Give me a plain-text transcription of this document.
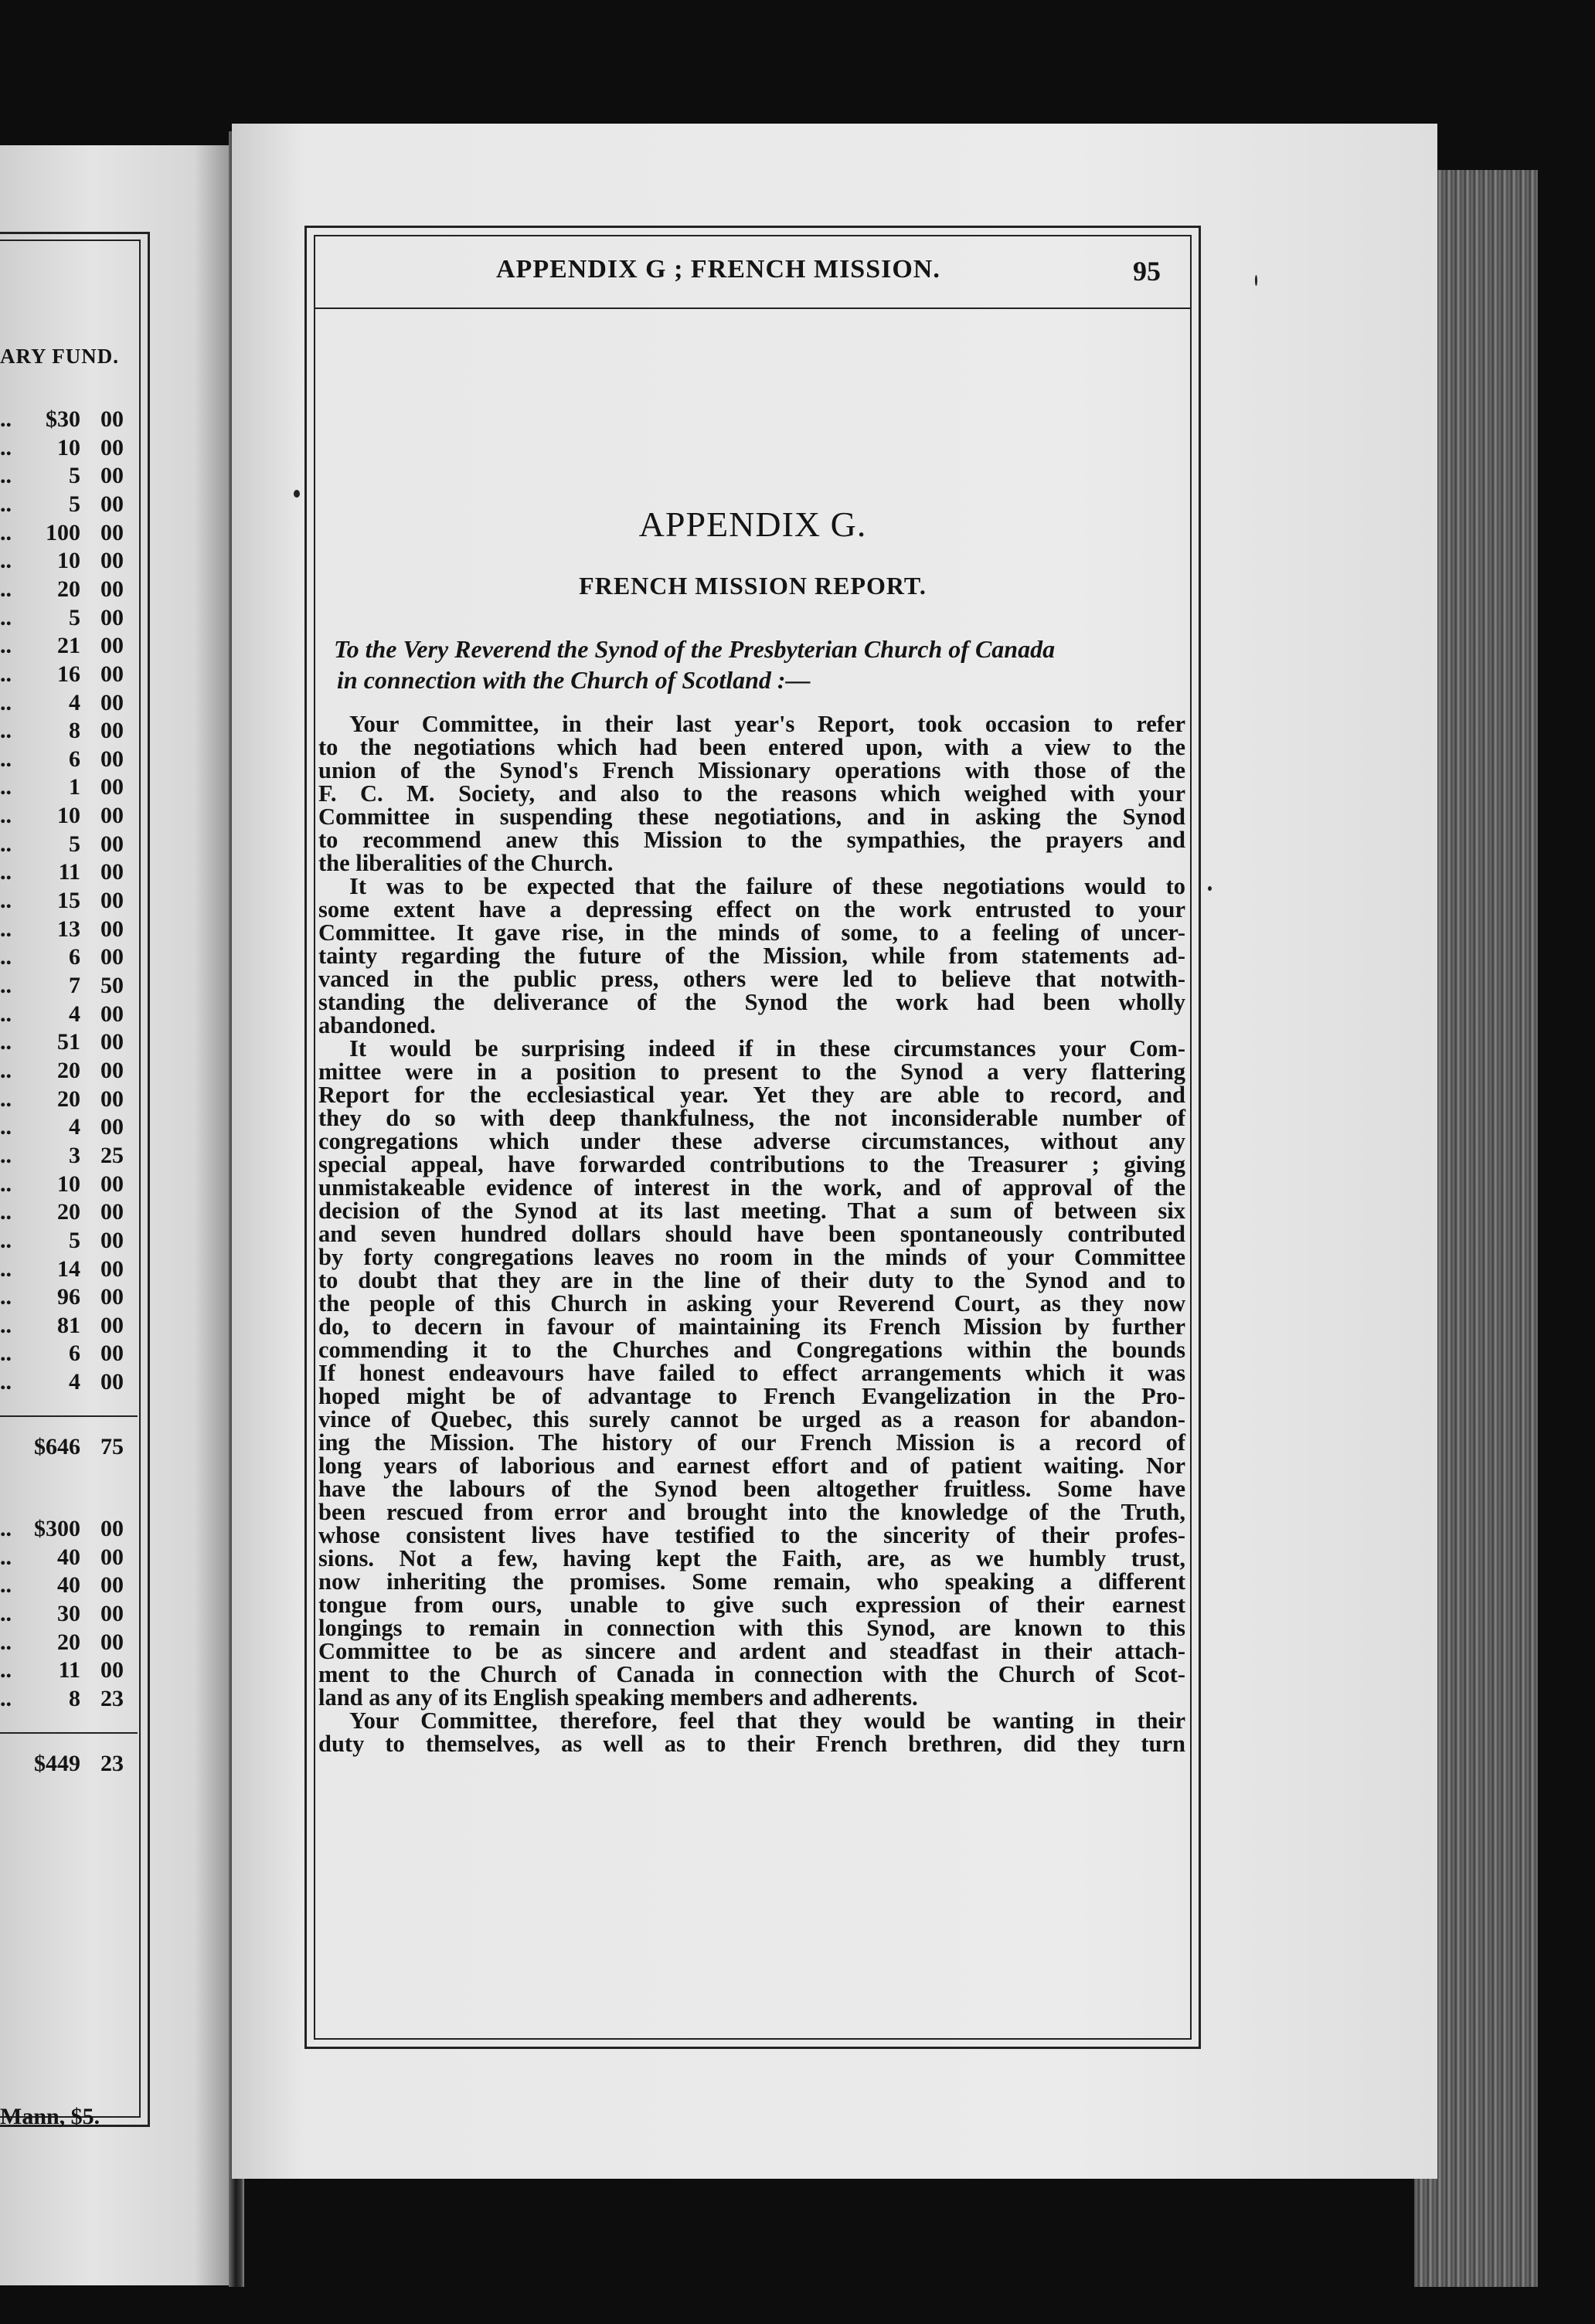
ARY FUND.
.. $30 00
.. 10 00
.. 5 00
.. 5 00
.. 100 00
.. 10 00
.. 20 00
.. 5 00
.. 21 00
.. 16 00
.. 4 00
.. 8 00
.. 6 00
.. 1 00
.. 10 00
.. 5 00
.. 11 00
.. 15 00
.. 13 00
.. 6 00
.. 7 50
.. 4 00
.. 51 00
.. 20 00
.. 20 00
.. 4 00
.. 3 25
.. 10 00
.. 20 00
.. 5 00
.. 14 00
.. 96 00
.. 81 00
.. 6 00
.. 4 00
$646 75
.. $300 00
.. 40 00
.. 40 00
.. 30 00
.. 20 00
.. 11 00
.. 8 23
$449 23
Mann, $5.
APPENDIX G ; FRENCH MISSION.	95
APPENDIX G.
FRENCH MISSION REPORT.
To the Very Reverend the Synod of the Presbyterian Church of Canada
in connection with the Church of Scotland :—
Your Committee, in their last year's Report, took occasion to refer
to the negotiations which had been entered upon, with a view to the
union of the Synod's French Missionary operations with those of the
F. C. M. Society, and also to the reasons which weighed with your
Committee in suspending these negotiations, and in asking the Synod
to recommend anew this Mission to the sympathies, the prayers and
the liberalities of the Church.
It was to be expected that the failure of these negotiations would to
some extent have a depressing effect on the work entrusted to your
Committee. It gave rise, in the minds of some, to a feeling of uncer-
tainty regarding the future of the Mission, while from statements ad-
vanced in the public press, others were led to believe that notwith-
standing the deliverance of the Synod the work had been wholly
abandoned.
It would be surprising indeed if in these circumstances your Com-
mittee were in a position to present to the Synod a very flattering
Report for the ecclesiastical year. Yet they are able to record, and
they do so with deep thankfulness, the not inconsiderable number of
congregations which under these adverse circumstances, without any
special appeal, have forwarded contributions to the Treasurer ; giving
unmistakeable evidence of interest in the work, and of approval of the
decision of the Synod at its last meeting. That a sum of between six
and seven hundred dollars should have been spontaneously contributed
by forty congregations leaves no room in the minds of your Committee
to doubt that they are in the line of their duty to the Synod and to
the people of this Church in asking your Reverend Court, as they now
do, to decern in favour of maintaining its French Mission by further
commending it to the Churches and Congregations within the bounds
If honest endeavours have failed to effect arrangements which it was
hoped might be of advantage to French Evangelization in the Pro-
vince of Quebec, this surely cannot be urged as a reason for abandon-
ing the Mission. The history of our French Mission is a record of
long years of laborious and earnest effort and of patient waiting. Nor
have the labours of the Synod been altogether fruitless. Some have
been rescued from error and brought into the knowledge of the Truth,
whose consistent lives have testified to the sincerity of their profes-
sions. Not a few, having kept the Faith, are, as we humbly trust,
now inheriting the promises. Some remain, who speaking a different
tongue from ours, unable to give such expression of their earnest
longings to remain in connection with this Synod, are known to this
Committee to be as sincere and ardent and steadfast in their attach-
ment to the Church of Canada in connection with the Church of Scot-
land as any of its English speaking members and adherents.
Your Committee, therefore, feel that they would be wanting in their
duty to themselves, as well as to their French brethren, did they turn
